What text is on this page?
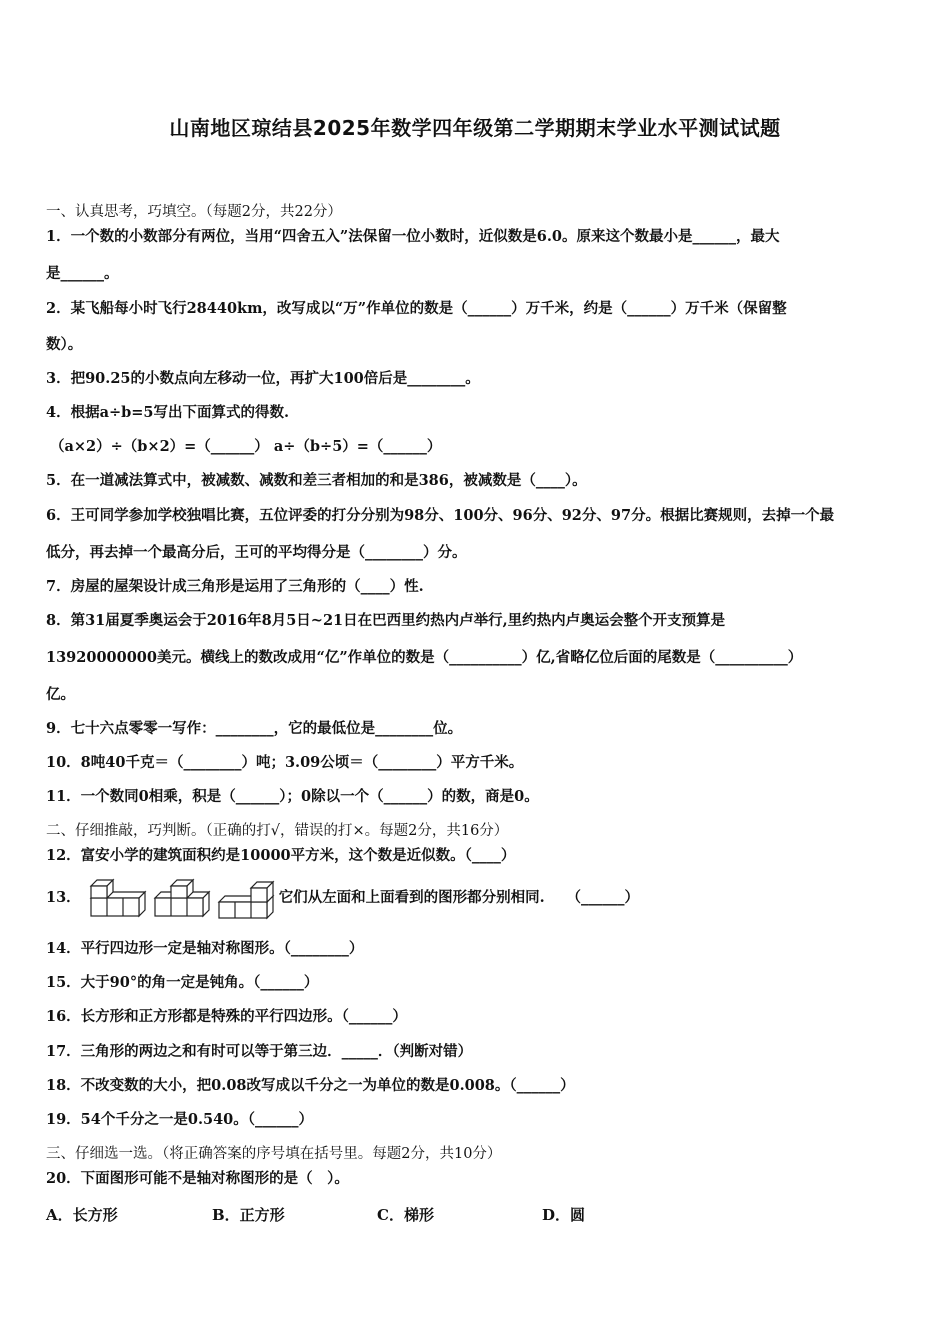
山南地区琼结县2025年数学四年级第二学期期末学业水平测试试题
一、认真思考，巧填空。（每题2分，共22分）
1．一个数的小数部分有两位，当用“四舍五入”法保留一位小数时，近似数是6.0。原来这个数最小是______，最大
是______。
2．某飞船每小时飞行28440km，改写成以“万”作单位的数是（______）万千米，约是（______）万千米（保留整
数）。
3．把90.25的小数点向左移动一位，再扩大100倍后是________。
4．根据a÷b=5写出下面算式的得数.
（a×2）÷（b×2）=（______） a÷（b÷5）=（______）
5．在一道减法算式中，被减数、减数和差三者相加的和是386，被减数是（____）。
6．王可同学参加学校独唱比赛，五位评委的打分分别为98分、100分、96分、92分、97分。根据比赛规则，去掉一个最
低分，再去掉一个最高分后，王可的平均得分是（________）分。
7．房屋的屋架设计成三角形是运用了三角形的（____）性.
8．第31届夏季奥运会于2016年8月5日~21日在巴西里约热内卢举行,里约热内卢奥运会整个开支预算是
13920000000美元。横线上的数改成用“亿”作单位的数是（__________）亿,省略亿位后面的尾数是（__________）
亿。
9．七十六点零零一写作：________，它的最低位是________位。
10．8吨40千克＝（________）吨；3.09公顷＝（________）平方千米。
11．一个数同0相乘，积是（______）；0除以一个（______）的数，商是0。
二、仔细推敲，巧判断。（正确的打√，错误的打×。每题2分，共16分）
12．富安小学的建筑面积约是10000平方米，这个数是近似数。（____）
13．	它们从左面和上面看到的图形都分别相同.　　（______）
14．平行四边形一定是轴对称图形。（________）
15．大于90°的角一定是钝角。（______）
16．长方形和正方形都是特殊的平行四边形。（______）
17．三角形的两边之和有时可以等于第三边．_____．（判断对错）
18．不改变数的大小，把0.08改写成以千分之一为单位的数是0.008。（______）
19．54个千分之一是0.540。（______）
三、仔细选一选。（将正确答案的序号填在括号里。每题2分，共10分）
20．下面图形可能不是轴对称图形的是（　）。
A．长方形	B．正方形	C．梯形	D．圆
